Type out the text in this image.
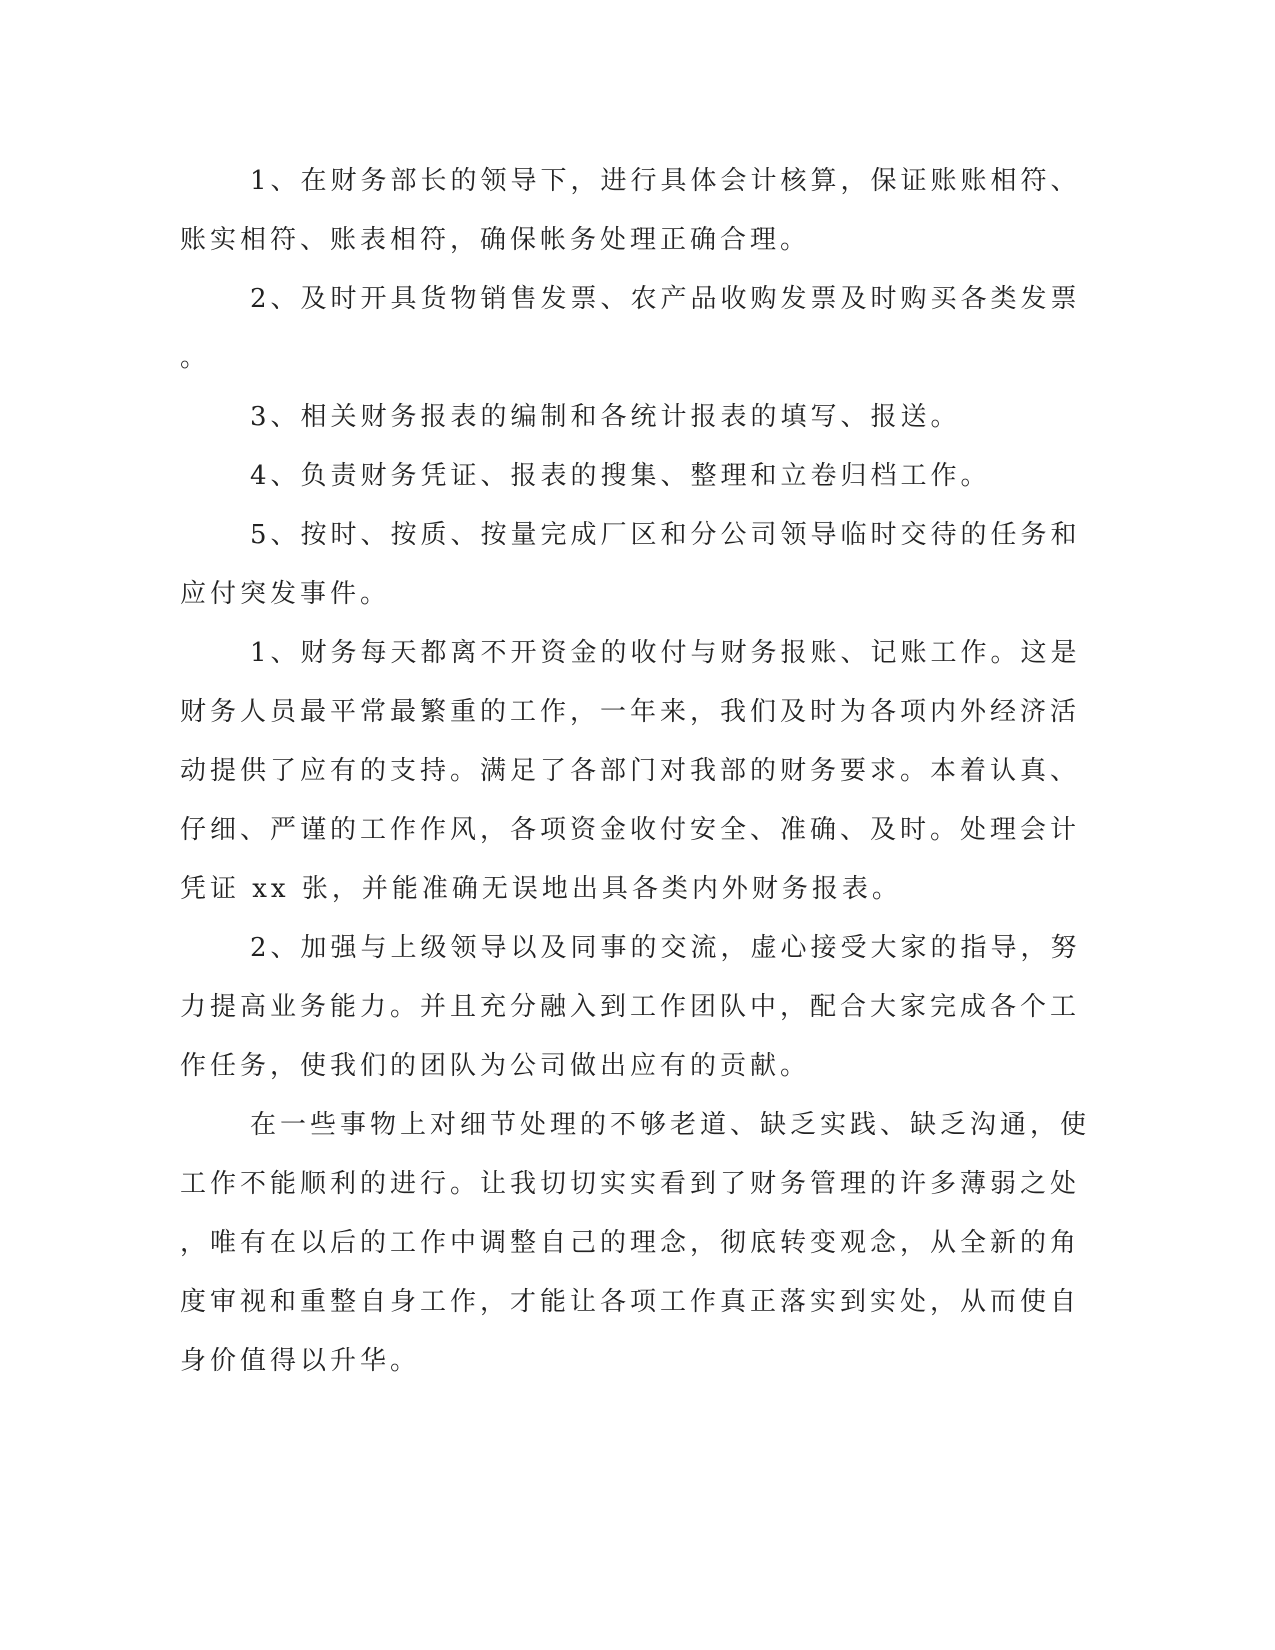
1、在财务部长的领导下，进行具体会计核算，保证账账相符、
账实相符、账表相符，确保帐务处理正确合理。
2、及时开具货物销售发票、农产品收购发票及时购买各类发票
。
3、相关财务报表的编制和各统计报表的填写、报送。
4、负责财务凭证、报表的搜集、整理和立卷归档工作。
5、按时、按质、按量完成厂区和分公司领导临时交待的任务和
应付突发事件。
1、财务每天都离不开资金的收付与财务报账、记账工作。这是
财务人员最平常最繁重的工作，一年来，我们及时为各项内外经济活
动提供了应有的支持。满足了各部门对我部的财务要求。本着认真、
仔细、严谨的工作作风，各项资金收付安全、准确、及时。处理会计
凭证 xx 张，并能准确无误地出具各类内外财务报表。
2、加强与上级领导以及同事的交流，虚心接受大家的指导，努
力提高业务能力。并且充分融入到工作团队中，配合大家完成各个工
作任务，使我们的团队为公司做出应有的贡献。
在一些事物上对细节处理的不够老道、缺乏实践、缺乏沟通，使
工作不能顺利的进行。让我切切实实看到了财务管理的许多薄弱之处
，唯有在以后的工作中调整自己的理念，彻底转变观念，从全新的角
度审视和重整自身工作，才能让各项工作真正落实到实处，从而使自
身价值得以升华。
